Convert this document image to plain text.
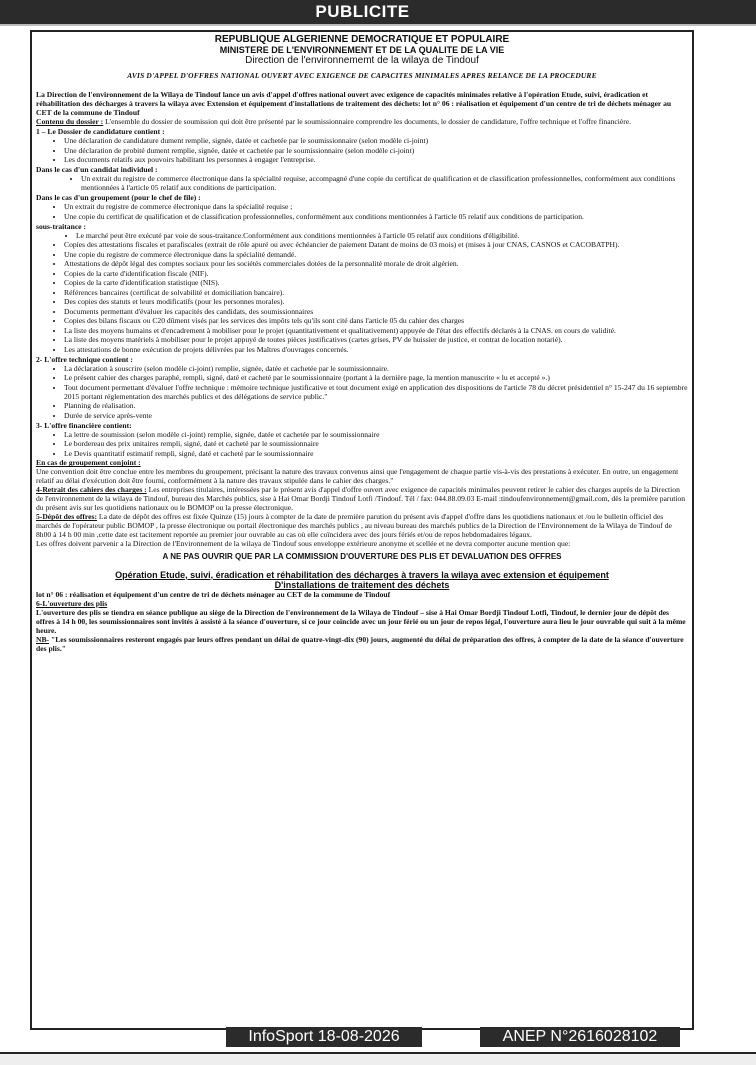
PUBLICITE
REPUBLIQUE ALGERIENNE DEMOCRATIQUE ET POPULAIRE
MINISTERE DE L'ENVIRONNEMENT ET DE LA QUALITE DE LA VIE
Direction de l'environnememt de la wilaya de Tindouf
AVIS D'APPEL D'OFFRES NATIONAL OUVERT AVEC EXIGENCE DE CAPACITES MINIMALES APRES RELANCE DE LA PROCEDURE

La Direction de l'environnement de la Wilaya de Tindouf lance un avis d'appel d'offres national ouvert avec exigence de capacités minimales relative à l'opération Etude, suivi, éradication et réhabilitation des décharges à travers la wilaya avec Extension et équipement d'installations de traitement des déchets: lot n° 06 : réalisation et équipement d'un centre de tri de déchets ménager au CET de la commune de Tindouf

Contenu du dossier : L'ensemble du dossier de soumission qui doit être présenté par le soumissionnaire comprendre les documents, le dossier de candidature, l'offre technique et l'offre financière.

1 – Le Dossier de candidature contient :

• Une déclaration de candidature dument remplie, signée, datée et cachetée par le soumissionnaire (selon modèle ci-joint)
• Une déclaration de probité dument remplie, signée, datée et cachetée par le soumissionnaire (selon modèle ci-joint)
• Les documents relatifs aux pouvoirs habilitant les personnes à engager l'entreprise.

Dans le cas d'un candidat individuel :

• Un extrait du registre de commerce électronique dans la spécialité requise, accompagné d'une copie du certificat de qualification et de classification professionnelles, conformément aux conditions mentionnées à l'article 05 relatif aux conditions de participation.

Dans le cas d'un groupement (pour le chef de file) :

• Un extrait du registre de commerce électronique dans la spécialité requise ;
• Une copie du certificat de qualification et de classification professionnelles, conformément aux conditions mentionnées à l'article 05 relatif aux conditions de participation.

sous-traitance :

• Le marché peut être exécuté par voie de sous-traitance.Conformément aux conditions mentionnées à l'article 05 relatif aux conditions d'éligibilité.
• Copies des attestations fiscales et parafiscales (extrait de rôle apuré ou avec échéancier de paiement Datant de moins de 03 mois) et (mises à jour CNAS, CASNOS et CACOBATPH).
• Une copie du registre de commerce électronique dans la spécialité demandé.
• Attestations de dépôt légal des comptes sociaux pour les sociétés commerciales dotées de la personnalité morale de droit algérien.
• Copies de la carte d'identification fiscale (NIF).
• Copies de la carte d'identification statistique (NIS).
• Références bancaires (certificat de solvabilité et domiciliation bancaire).
• Des copies des statuts et leurs modificatifs (pour les personnes morales).
• Documents permettant d'évaluer les capacités des candidats, des soumissionnaires
• Copies des bilans fiscaux ou C20 dûment visés par les services des impôts tels qu'ils sont cité dans l'article 05 du cahier des charges
• La liste des moyens humains et d'encadrement à mobiliser pour le projet (quantitativement et qualitativement) appuyée de l'état des effectifs déclarés à la CNAS. en cours de validité.
• La liste des moyens matériels à mobiliser pour le projet appuyé de toutes pièces justificatives (cartes grises, PV de huissier de justice, et contrat de location notarié).
• Les attestations de bonne exécution de projets délivrées par les Maîtres d'ouvrages concernés.

2- L'offre technique contient :

• La déclaration à souscrire (selon modèle ci-joint) remplie, signée, datée et cachetée par le soumissionnaire.
• Le présent cahier des charges paraphé, rempli, signé, daté et cacheté par le soumissionnaire (portant à la dernière page, la mention manuscrite « lu et accepté ».)
• Tout document permettant d'évaluer l'offre technique : mémoire technique justificative et tout document exigé en application des dispositions de l'article 78 du décret présidentiel n° 15-247 du 16 septembre 2015 portant réglementation des marchés publics et des délégations de service public."
• Planning de réalisation.
• Durée de service après-vente

3- L'offre financière contient:

• La lettre de soumission (selon modèle ci-joint) remplie, signée, datée et cachetée par le soumissionnaire
• Le bordereau des prix unitaires rempli, signé, daté et cacheté par le soumissionnaire
• Le Devis quantitatif estimatif rempli, signé, daté et cacheté par le soumissionnaire

En cas de groupement conjoint :
Une convention doit être conclue entre les membres du groupement, précisant la nature des travaux convenus ainsi que l'engagement de chaque partie vis-à-vis des prestations à exécuter. En outre, un engagement relatif au délai d'exécution doit être fourni, conformément à la nature des travaux stipulée dans le cahier des charges."

4-Retrait des cahiers des charges : Les entreprises titulaires, intéressées par le présent avis d'appel d'offre ouvert avec exigence de capacités minimales peuvent retirer le cahier des charges auprès de la Direction de l'environnement de la wilaya de Tindouf, bureau des Marchés publics, sise à Hai Omar Bordji Tindouf Lotfi /Tindouf. Tél / fax: 044.88.09.03 E-mail :tindoufenvironnement@gmail.com, dès la première parution du présent avis sur les quotidiens nationaux ou le BOMOP ou la presse électronique.

5-Dépôt des offres: La date de dépôt des offres est fixée Quinze (15) jours à compter de la date de première parution du présent avis d'appel d'offre dans les quotidiens nationaux et /ou le bulletin officiel des marchés de l'opérateur public BOMOP , la presse électronique ou portail électronique des marchés publics , au niveau bureau des marchés publics de la Direction de l'Environnement de la Wilaya de Tindouf de 8h00 à 14 h 00 min ,cette date est tacitement reportée au premier jour ouvrable au cas où elle coïncidera avec des jours fériés et/ou de repos hebdomadaires légaux.

Les offres doivent parvenir a la Direction de l'Environnement de la wilaya de Tindouf sous enveloppe extérieure anonyme et scellée et ne devra comporter aucune mention que:

A NE PAS OUVRIR QUE PAR LA COMMISSION D'OUVERTURE DES PLIS ET DEVALUATION DES OFFRES

Opération Etude, suivi, éradication et réhabilitation des décharges à travers la wilaya avec extension et équipement
D'installations de traitement des déchets

lot n° 06 : réalisation et équipement d'un centre de tri de déchets ménager au CET de la commune de Tindouf

6-L'ouverture des plis
L'ouverture des plis se tiendra en séance publique au siège de la Direction de l'environnement de la Wilaya de Tindouf – sise à Hai Omar Bordji Tindouf Lotfi, Tindouf, le dernier jour de dépôt des offres à 14 h 00, les soumissionnaires sont invités à assisté à la séance d'ouverture, si ce jour coïncide avec un jour férié ou un jour de repos légal, l'ouverture aura lieu le jour ouvrable qui suit à la même heure.

NB- "Les soumissionnaires resteront engagés par leurs offres pendant un délai de quatre-vingt-dix (90) jours, augmenté du délai de préparation des offres, à compter de la date de la séance d'ouverture des plis."

InfoSport 18-08-2026	ANEP N°2616028102
